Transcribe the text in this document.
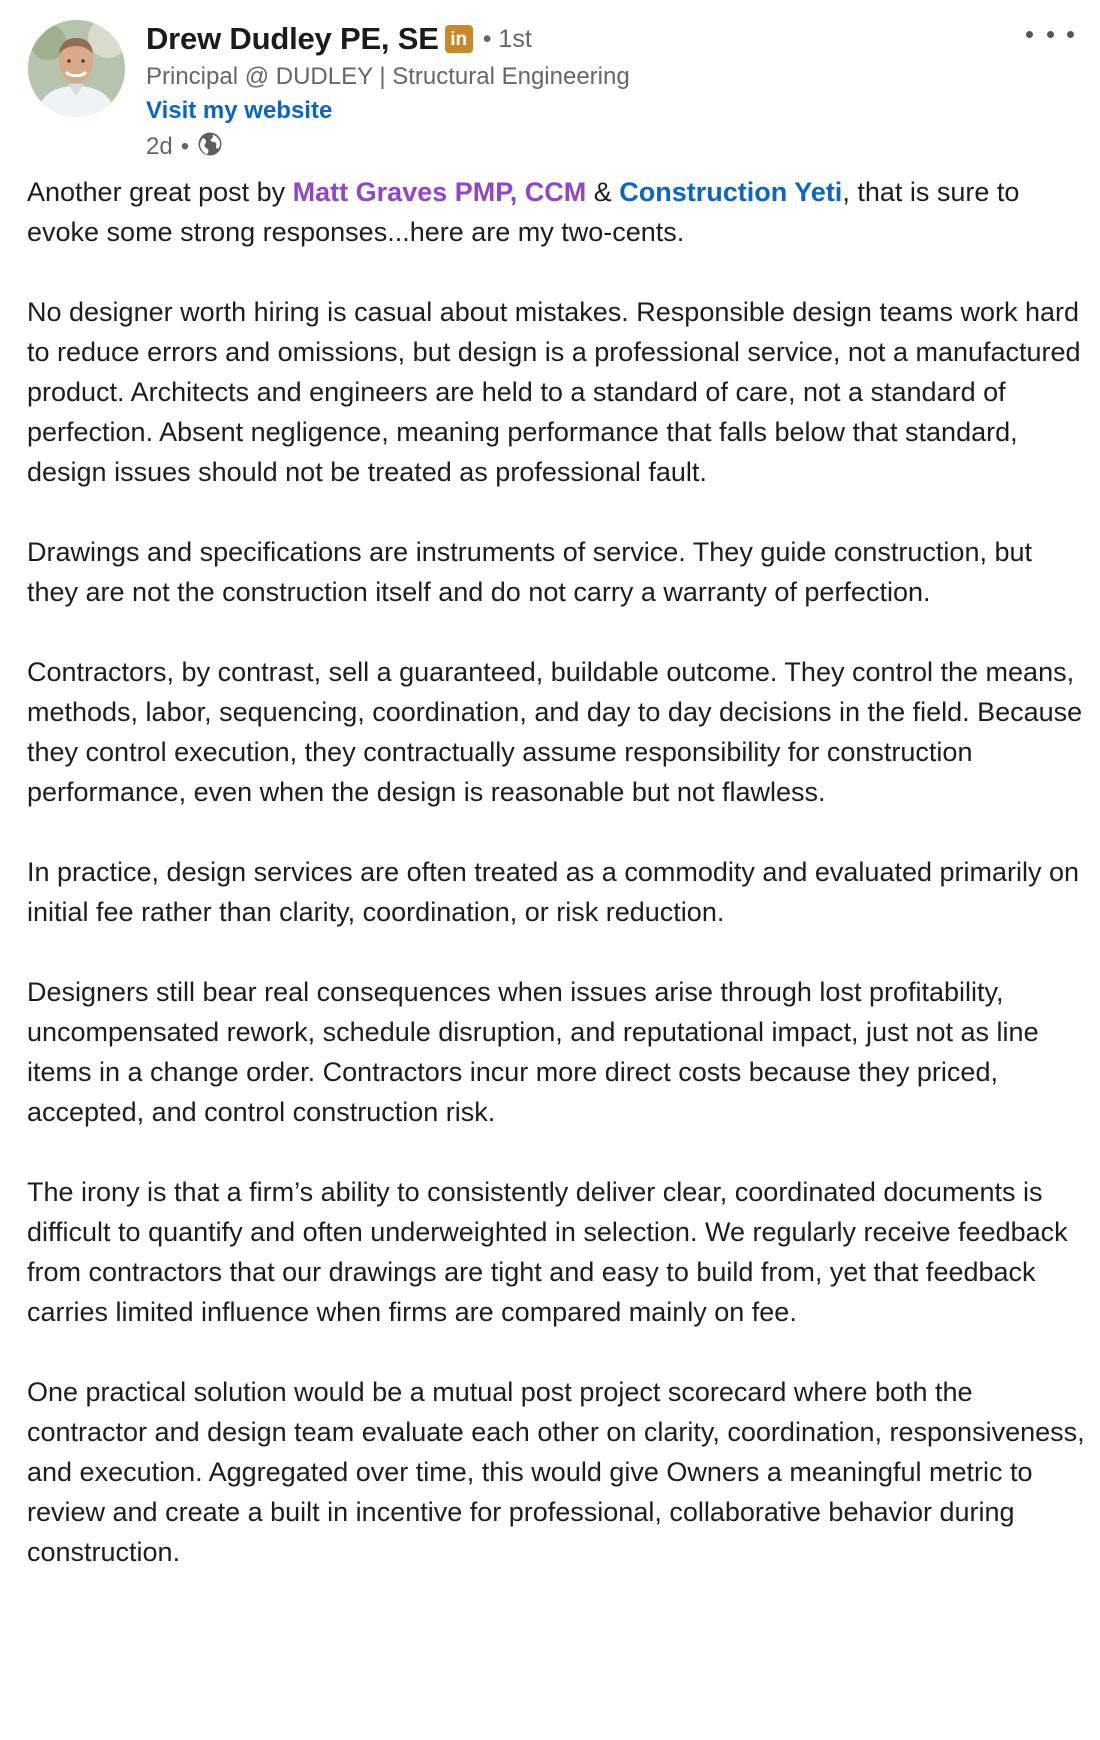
Drew Dudley PE, SE in • 1st
Principal @ DUDLEY | Structural Engineering
Visit my website
2d •

Another great post by Matt Graves PMP, CCM & Construction Yeti, that is sure to evoke some strong responses...here are my two-cents.

No designer worth hiring is casual about mistakes. Responsible design teams work hard to reduce errors and omissions, but design is a professional service, not a manufactured product. Architects and engineers are held to a standard of care, not a standard of perfection. Absent negligence, meaning performance that falls below that standard, design issues should not be treated as professional fault.

Drawings and specifications are instruments of service. They guide construction, but they are not the construction itself and do not carry a warranty of perfection.

Contractors, by contrast, sell a guaranteed, buildable outcome. They control the means, methods, labor, sequencing, coordination, and day to day decisions in the field. Because they control execution, they contractually assume responsibility for construction performance, even when the design is reasonable but not flawless.

In practice, design services are often treated as a commodity and evaluated primarily on initial fee rather than clarity, coordination, or risk reduction.

Designers still bear real consequences when issues arise through lost profitability, uncompensated rework, schedule disruption, and reputational impact, just not as line items in a change order. Contractors incur more direct costs because they priced, accepted, and control construction risk.

The irony is that a firm’s ability to consistently deliver clear, coordinated documents is difficult to quantify and often underweighted in selection. We regularly receive feedback from contractors that our drawings are tight and easy to build from, yet that feedback carries limited influence when firms are compared mainly on fee.

One practical solution would be a mutual post project scorecard where both the contractor and design team evaluate each other on clarity, coordination, responsiveness, and execution. Aggregated over time, this would give Owners a meaningful metric to review and create a built in incentive for professional, collaborative behavior during construction.
